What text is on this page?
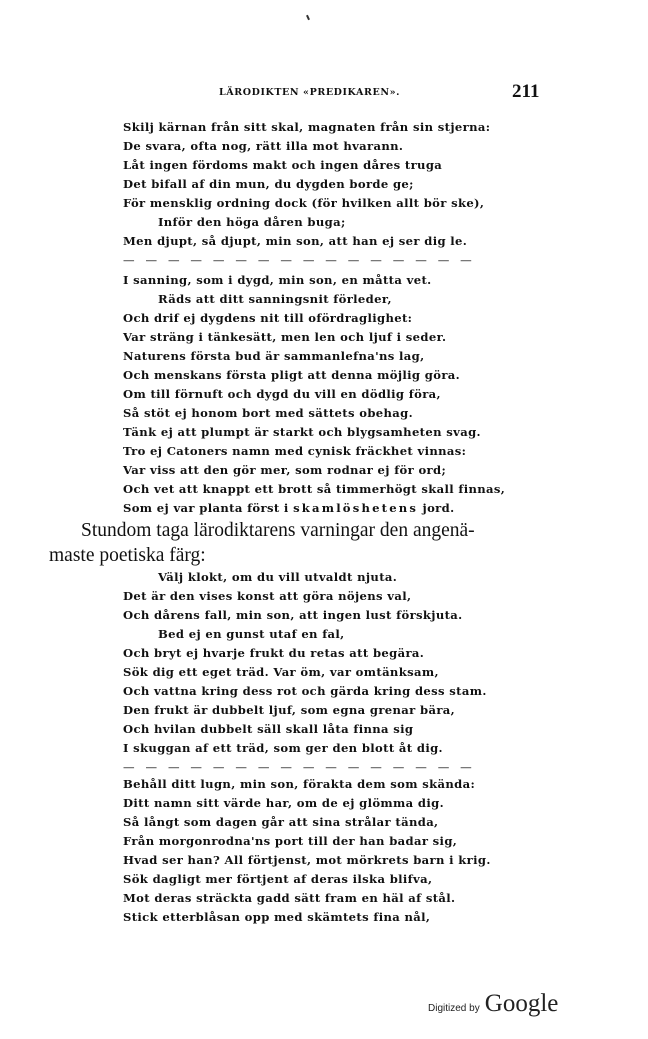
LÄRODIKTEN «PREDIKAREN».	211
Skilj kärnan från sitt skal, magnaten från sin stjerna:
De svara, ofta nog, rätt illa mot hvarann.
Låt ingen fördoms makt och ingen dåres truga
Det bifall af din mun, du dygden borde ge;
För mensklig ordning dock (för hvilken allt bör ske),
Inför den höga dåren buga;
Men djupt, så djupt, min son, att han ej ser dig le.
— — — — — — — — — — — — — — — —
I sanning, som i dygd, min son, en måtta vet.
Räds att ditt sanningsnit förleder,
Och drif ej dygdens nit till ofördraglighet:
Var sträng i tänkesätt, men len och ljuf i seder.
Naturens första bud är sammanlefna'ns lag,
Och menskans första pligt att denna möjlig göra.
Om till förnuft och dygd du vill en dödlig föra,
Så stöt ej honom bort med sättets obehag.
Tänk ej att plumpt är starkt och blygsamheten svag.
Tro ej Catoners namn med cynisk fräckhet vinnas:
Var viss att den gör mer, som rodnar ej för ord;
Och vet att knappt ett brott så timmerhögt skall finnas,
Som ej var planta först i skamlöshetens jord.
Stundom taga lärodiktarens varningar den angenä-
maste poetiska färg:
Välj klokt, om du vill utvaldt njuta.
Det är den vises konst att göra nöjens val,
Och dårens fall, min son, att ingen lust förskjuta.
Bed ej en gunst utaf en fal,
Och bryt ej hvarje frukt du retas att begära.
Sök dig ett eget träd. Var öm, var omtänksam,
Och vattna kring dess rot och gärda kring dess stam.
Den frukt är dubbelt ljuf, som egna grenar bära,
Och hvilan dubbelt säll skall låta finna sig
I skuggan af ett träd, som ger den blott åt dig.
— — — — — — — — — — — — — — — —
Behåll ditt lugn, min son, förakta dem som skända:
Ditt namn sitt värde har, om de ej glömma dig.
Så långt som dagen går att sina strålar tända,
Från morgonrodna'ns port till der han badar sig,
Hvad ser han? All förtjenst, mot mörkrets barn i krig.
Sök dagligt mer förtjent af deras ilska blifva,
Mot deras sträckta gadd sätt fram en häl af stål.
Stick etterblåsan opp med skämtets fina nål,
Digitized by Google
